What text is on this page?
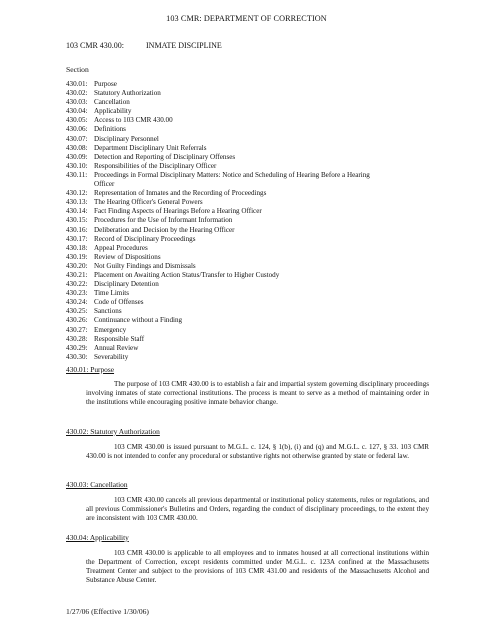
103 CMR: DEPARTMENT OF CORRECTION
103 CMR 430.00:	INMATE DISCIPLINE
Section
430.01: Purpose
430.02: Statutory Authorization
430.03: Cancellation
430.04: Applicability
430.05: Access to 103 CMR 430.00
430.06: Definitions
430.07: Disciplinary Personnel
430.08: Department Disciplinary Unit Referrals
430.09: Detection and Reporting of Disciplinary Offenses
430.10: Responsibilities of the Disciplinary Officer
430.11: Proceedings in Formal Disciplinary Matters: Notice and Scheduling of Hearing Before a Hearing
Officer
430.12: Representation of Inmates and the Recording of Proceedings
430.13: The Hearing Officer's General Powers
430.14: Fact Finding Aspects of Hearings Before a Hearing Officer
430.15: Procedures for the Use of Informant Information
430.16: Deliberation and Decision by the Hearing Officer
430.17: Record of Disciplinary Proceedings
430.18: Appeal Procedures
430.19: Review of Dispositions
430.20: Not Guilty Findings and Dismissals
430.21: Placement on Awaiting Action Status/Transfer to Higher Custody
430.22: Disciplinary Detention
430.23: Time Limits
430.24: Code of Offenses
430.25: Sanctions
430.26: Continuance without a Finding
430.27: Emergency
430.28: Responsible Staff
430.29: Annual Review
430.30: Severability
430.01: Purpose
The purpose of 103 CMR 430.00 is to establish a fair and impartial system governing disciplinary proceedings involving inmates of state correctional institutions. The process is meant to serve as a method of maintaining order in the institutions while encouraging positive inmate behavior change.
430.02: Statutory Authorization
103 CMR 430.00 is issued pursuant to M.G.L. c. 124, § 1(b), (i) and (q) and M.G.L. c. 127, § 33. 103 CMR 430.00 is not intended to confer any procedural or substantive rights not otherwise granted by state or federal law.
430.03: Cancellation
103 CMR 430.00 cancels all previous departmental or institutional policy statements, rules or regulations, and all previous Commissioner's Bulletins and Orders, regarding the conduct of disciplinary proceedings, to the extent they are inconsistent with 103 CMR 430.00.
430.04: Applicability
103 CMR 430.00 is applicable to all employees and to inmates housed at all correctional institutions within the Department of Correction, except residents committed under M.G.L. c. 123A confined at the Massachusetts Treatment Center and subject to the provisions of 103 CMR 431.00 and residents of the Massachusetts Alcohol and Substance Abuse Center.
1/27/06 (Effective 1/30/06)
